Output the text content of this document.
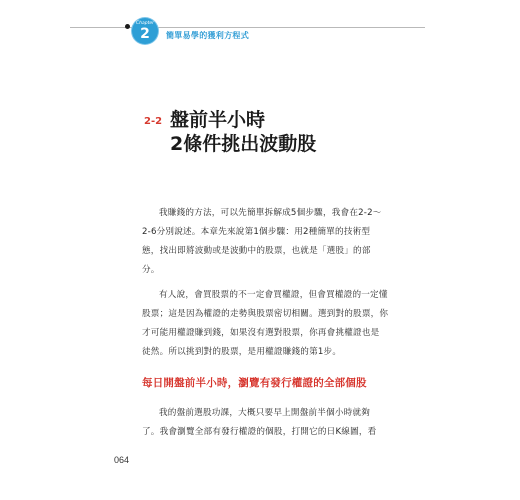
Chapter
2	簡單易學的獲利方程式
2-2 盤前半小時
2條件挑出波動股

我賺錢的方法，可以先簡單拆解成5個步驟，我會在2-2～
2-6分別說述。本章先來說第1個步驟：用2種簡單的技術型
態，找出即將波動或是波動中的股票，也就是「選股」的部
分。

有人說，會買股票的不一定會買權證，但會買權證的一定懂
股票；這是因為權證的走勢與股票密切相關。選到對的股票，你
才可能用權證賺到錢，如果沒有選對股票，你再會挑權證也是
徒然。所以挑到對的股票，是用權證賺錢的第1步。

每日開盤前半小時，瀏覽有發行權證的全部個股

我的盤前選股功課，大概只要早上開盤前半個小時就夠
了。我會瀏覽全部有發行權證的個股，打開它的日K線圖，看

064
